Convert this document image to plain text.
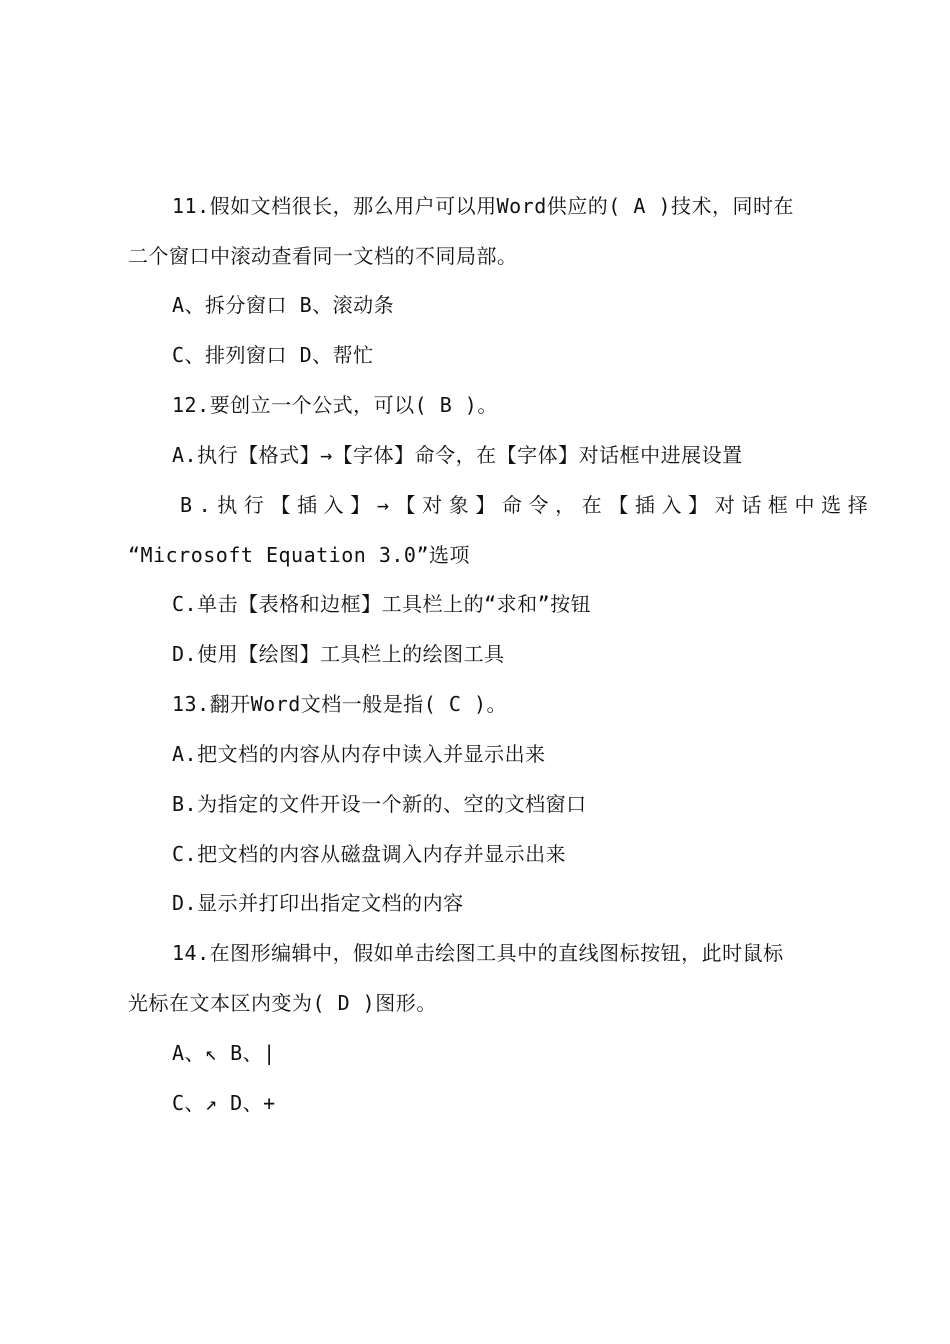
11.假如文档很长，那么用户可以用Word供应的( A )技术，同时在
二个窗口中滚动查看同一文档的不同局部。
A、拆分窗口 B、滚动条
C、排列窗口 D、帮忙
12.要创立一个公式，可以( B )。
A.执行【格式】→【字体】命令，在【字体】对话框中进展设置
B.执行【插入】→【对象】命令，在【插入】对话框中选择
“Microsoft Equation 3.0”选项
C.单击【表格和边框】工具栏上的“求和”按钮
D.使用【绘图】工具栏上的绘图工具
13.翻开Word文档一般是指( C )。
A.把文档的内容从内存中读入并显示出来
B.为指定的文件开设一个新的、空的文档窗口
C.把文档的内容从磁盘调入内存并显示出来
D.显示并打印出指定文档的内容
14.在图形编辑中，假如单击绘图工具中的直线图标按钮，此时鼠标
光标在文本区内变为( D )图形。
A、↖ B、|
C、↗ D、+
